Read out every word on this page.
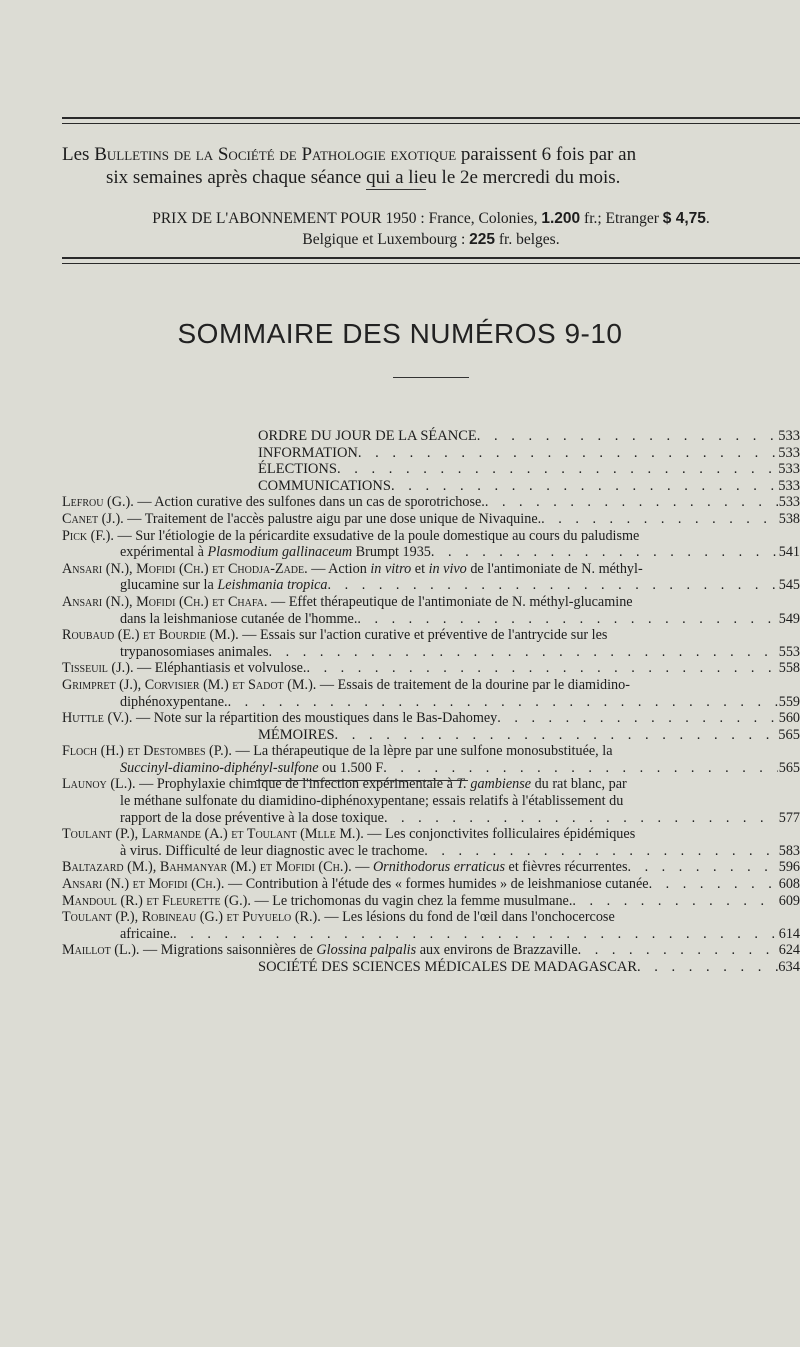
Les Bulletins de la Société de Pathologie exotique paraissent 6 fois par an
six semaines après chaque séance qui a lieu le 2e mercredi du mois.
PRIX DE L'ABONNEMENT POUR 1950 : France, Colonies, 1.200 fr.; Etranger $ 4,75.
Belgique et Luxembourg : 225 fr. belges.
SOMMAIRE DES NUMÉROS 9-10
ORDRE DU JOUR DE LA SÉANCE . . .	533
INFORMATION . . .	533
ÉLECTIONS . . .	533
COMMUNICATIONS . . .	533
Lefrou (G.). — Action curative des sulfones dans un cas de sporotrichose. . . .	533
Canet (J.). — Traitement de l'accès palustre aigu par une dose unique de Nivaquine. . . .	538
Pick (F.). — Sur l'étiologie de la péricardite exsudative de la poule domestique au cours du paludisme
expérimental à Plasmodium gallinaceum Brumpt 1935 . . .	541
Ansari (N.), Mofidi (Ch.) et Chodja-Zade. — Action in vitro et in vivo de l'antimoniate de N. méthyl-
glucamine sur la Leishmania tropica . . .	545
Ansari (N.), Mofidi (Ch.) et Chafa. — Effet thérapeutique de l'antimoniate de N. méthyl-glucamine
dans la leishmaniose cutanée de l'homme. . . .	549
Roubaud (E.) et Bourdie (M.). — Essais sur l'action curative et préventive de l'antrycide sur les
trypanosomiases animales . . .	553
Tisseuil (J.). — Eléphantiasis et volvulose. . . .	558
Grimpret (J.), Corvisier (M.) et Sadot (M.). — Essais de traitement de la dourine par le diamidino-
diphénoxypentane. . . .	559
Huttle (V.). — Note sur la répartition des moustiques dans le Bas-Dahomey . . .	560
MÉMOIRES . . .	565
Floch (H.) et Destombes (P.). — La thérapeutique de la lèpre par une sulfone monosubstituée, la
Succinyl-diamino-diphényl-sulfone ou 1.500 F . . .	565
Launoy (L.). — Prophylaxie chimique de l'infection expérimentale à T. gambiense du rat blanc, par
le méthane sulfonate du diamidino-diphénoxypentane; essais relatifs à l'établissement du
rapport de la dose préventive à la dose toxique . . .	577
Toulant (P.), Larmande (A.) et Toulant (Mlle M.). — Les conjonctivites folliculaires épidémiques
à virus. Difficulté de leur diagnostic avec le trachome . . .	583
Baltazard (M.), Bahmanyar (M.) et Mofidi (Ch.). — Ornithodorus erraticus et fièvres récurrentes . . .	596
Ansari (N.) et Mofidi (Ch.). — Contribution à l'étude des « formes humides » de leishmaniose cutanée . . .	608
Mandoul (R.) et Fleurette (G.). — Le trichomonas du vagin chez la femme musulmane. . . .	609
Toulant (P.), Robineau (G.) et Puyuelo (R.). — Les lésions du fond de l'œil dans l'onchocercose
africaine. . . .	614
Maillot (L.). — Migrations saisonnières de Glossina palpalis aux environs de Brazzaville . . .	624
SOCIÉTÉ DES SCIENCES MÉDICALES DE MADAGASCAR . . .	634
